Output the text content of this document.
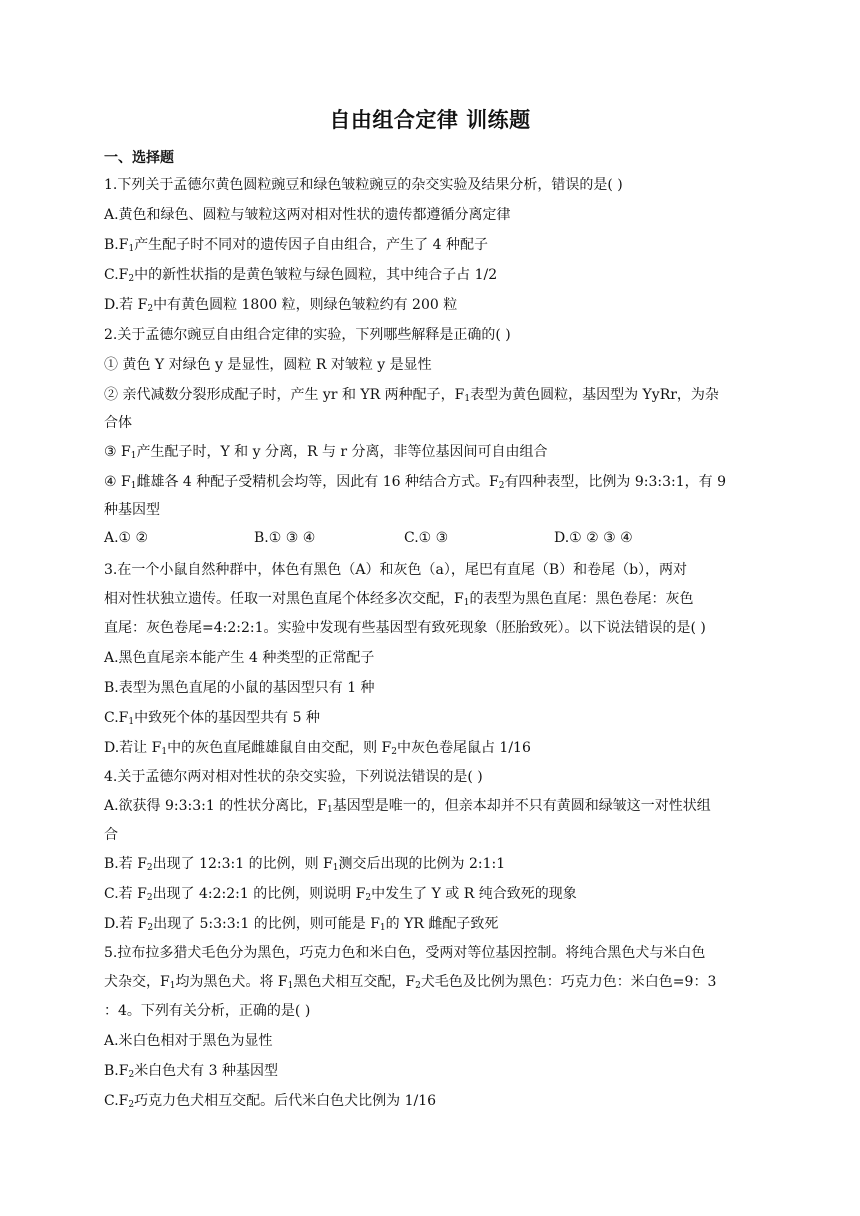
自由组合定律 训练题
一、选择题
1.下列关于孟德尔黄色圆粒豌豆和绿色皱粒豌豆的杂交实验及结果分析，错误的是( )
A.黄色和绿色、圆粒与皱粒这两对相对性状的遗传都遵循分离定律
$B.F_1$产生配子时不同对的遗传因子自由组合，产生了 4 种配子
$C.F_2$中的新性状指的是黄色皱粒与绿色圆粒，其中纯合子占 1/2
D.若 $F_2$中有黄色圆粒 1800 粒，则绿色皱粒约有 200 粒
2.关于孟德尔豌豆自由组合定律的实验，下列哪些解释是正确的( )
① 黄色 Y 对绿色 y 是显性，圆粒 R 对皱粒 y 是显性
② 亲代减数分裂形成配子时，产生 yr 和 YR 两种配子，$F_1$表型为黄色圆粒，基因型为 YyRr，为杂
合体
③ $F_1$产生配子时，Y 和 y 分离，R 与 r 分离，非等位基因间可自由组合
④ $F_1$雌雄各 4 种配子受精机会均等，因此有 16 种结合方式。$F_2$有四种表型，比例为 9:3:3:1，有 9
种基因型
A.① ②	B.① ③ ④	C.① ③	D.① ② ③ ④
3.在一个小鼠自然种群中，体色有黑色（A）和灰色（a），尾巴有直尾（B）和卷尾（b），两对
相对性状独立遗传。任取一对黑色直尾个体经多次交配，$F_1$的表型为黑色直尾：黑色卷尾：灰色
直尾：灰色卷尾=4:2:2:1。实验中发现有些基因型有致死现象（胚胎致死）。以下说法错误的是( )
A.黑色直尾亲本能产生 4 种类型的正常配子
B.表型为黑色直尾的小鼠的基因型只有 1 种
$C.F_1$中致死个体的基因型共有 5 种
D.若让 $F_1$中的灰色直尾雌雄鼠自由交配，则 $F_2$中灰色卷尾鼠占 1/16
4.关于孟德尔两对相对性状的杂交实验，下列说法错误的是( )
A.欲获得 9:3:3:1 的性状分离比，$F_1$基因型是唯一的，但亲本却并不只有黄圆和绿皱这一对性状组
合
B.若 $F_2$出现了 12:3:1 的比例，则 $F_1$测交后出现的比例为 2:1:1
C.若 $F_2$出现了 4:2:2:1 的比例，则说明 $F_2$中发生了 Y 或 R 纯合致死的现象
D.若 $F_2$出现了 5:3:3:1 的比例，则可能是 $F_1$的 YR 雌配子致死
5.拉布拉多猎犬毛色分为黑色，巧克力色和米白色，受两对等位基因控制。将纯合黑色犬与米白色
犬杂交，$F_1$均为黑色犬。将 $F_1$黑色犬相互交配，$F_2$犬毛色及比例为黑色：巧克力色：米白色=9：3
：4。下列有关分析，正确的是( )
A.米白色相对于黑色为显性
$B.F_2$米白色犬有 3 种基因型
$C.F_2$巧克力色犬相互交配。后代米白色犬比例为 1/16
